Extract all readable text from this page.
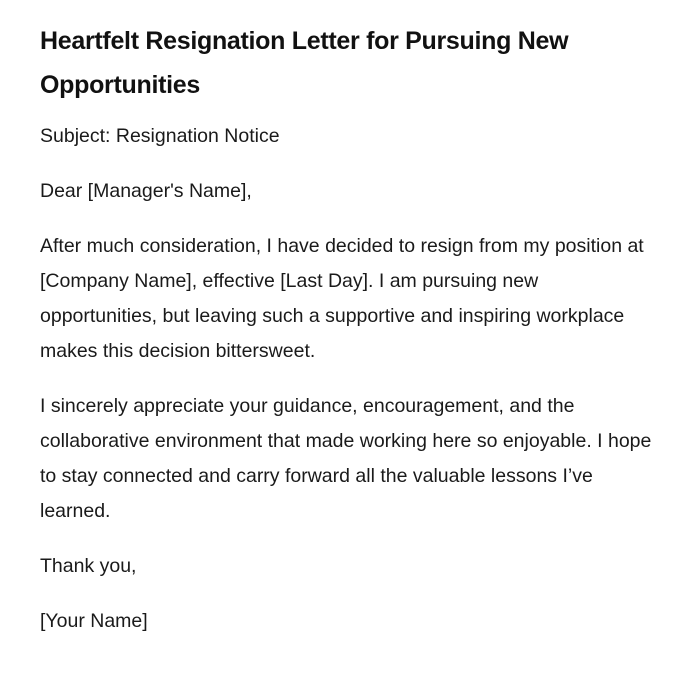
Heartfelt Resignation Letter for Pursuing New Opportunities

Subject: Resignation Notice

Dear [Manager's Name],

After much consideration, I have decided to resign from my position at [Company Name], effective [Last Day]. I am pursuing new opportunities, but leaving such a supportive and inspiring workplace makes this decision bittersweet.

I sincerely appreciate your guidance, encouragement, and the collaborative environment that made working here so enjoyable. I hope to stay connected and carry forward all the valuable lessons I’ve learned.

Thank you,

[Your Name]
